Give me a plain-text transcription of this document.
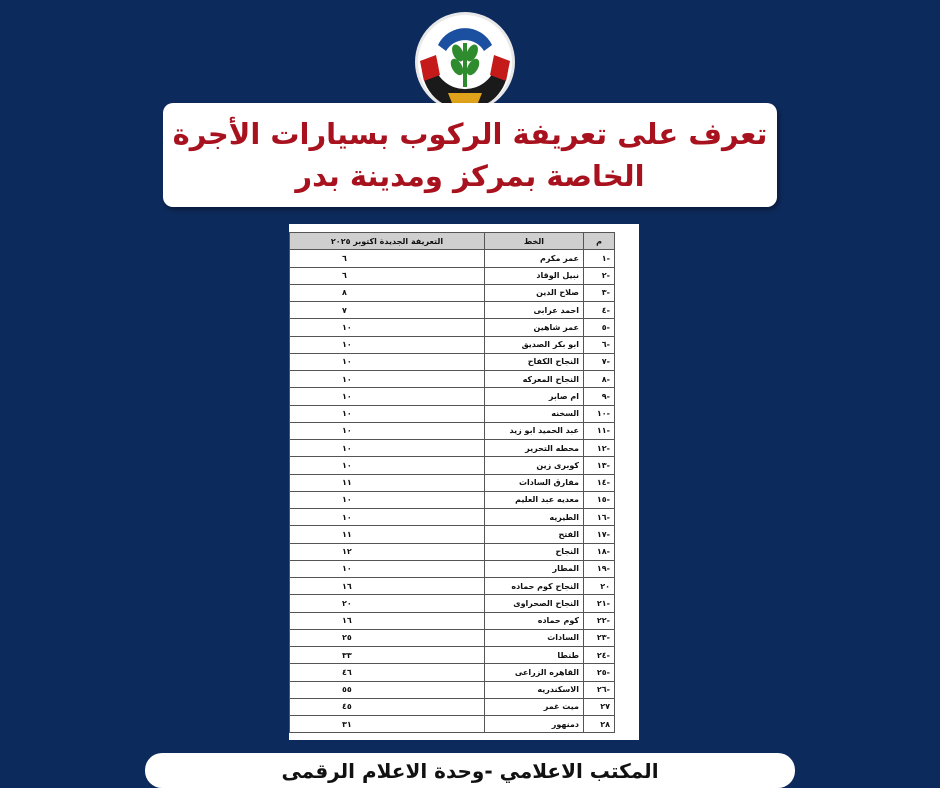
تعرف على تعريفة الركوب بسيارات الأجرة
الخاصة بمركز ومدينة بدر
م	الخط	التعريفة الجديدة اكتوبر ٢٠٢٥
-١	عمر مكرم	٦
-٢	نبيل الوقاد	٦
-٣	صلاح الدين	٨
-٤	احمد عرابى	٧
-٥	عمر شاهين	١٠
-٦	ابو بكر الصديق	١٠
-٧	النجاح الكفاح	١٠
-٨	النجاح المعركه	١٠
-٩	ام صابر	١٠
-١٠	السخنه	١٠
-١١	عبد الحميد ابو زيد	١٠
-١٢	محطه التحرير	١٠
-١٣	كوبرى زين	١٠
-١٤	مفارق السادات	١١
-١٥	معديه عبد العليم	١٠
-١٦	الطيريه	١٠
-١٧	الفتح	١١
-١٨	النجاح	١٢
-١٩	المطار	١٠
٢٠	النجاح كوم حماده	١٦
-٢١	النجاح الصحراوى	٢٠
-٢٢	كوم حماده	١٦
-٢٣	السادات	٢٥
-٢٤	طنطا	٣٣
-٢٥	القاهره الزراعى	٤٦
-٢٦	الاسكندريه	٥٥
٢٧	ميت غمر	٤٥
٢٨	دمنهور	٣١
المكتب الاعلامي -وحدة الاعلام الرقمى
